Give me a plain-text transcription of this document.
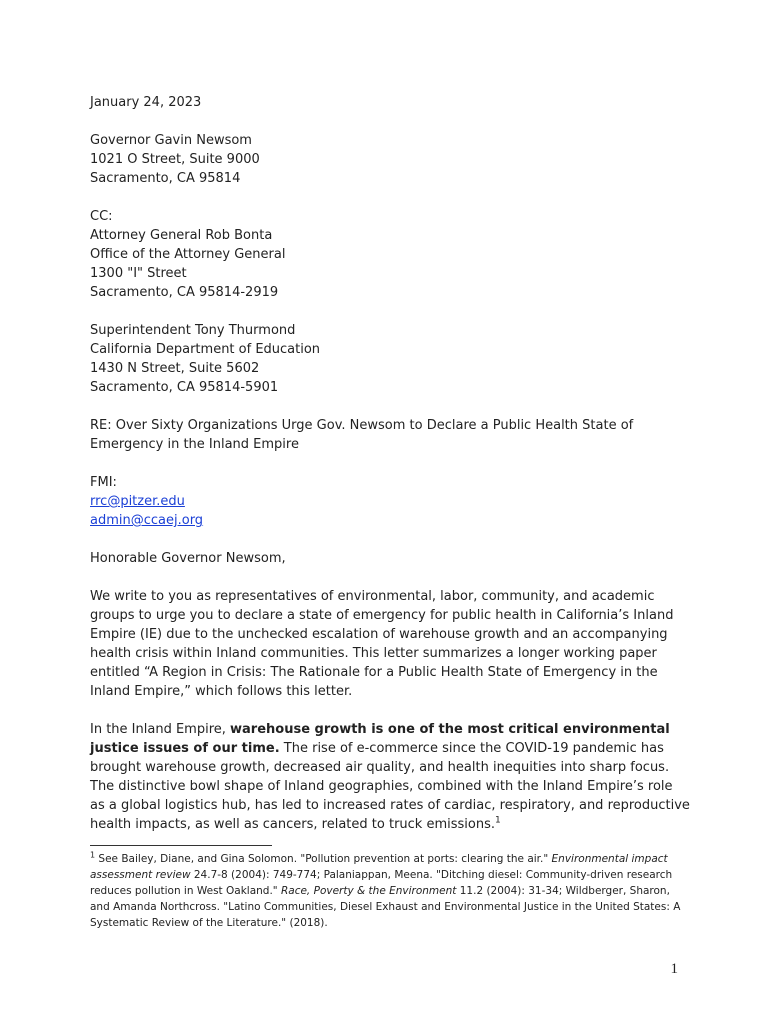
January 24, 2023

Governor Gavin Newsom
1021 O Street, Suite 9000
Sacramento, CA 95814
CC:
Attorney General Rob Bonta
Office of the Attorney General
1300 "I" Street
Sacramento, CA 95814-2919
Superintendent Tony Thurmond
California Department of Education
1430 N Street, Suite 5602
Sacramento, CA 95814-5901

RE: Over Sixty Organizations Urge Gov. Newsom to Declare a Public Health State of Emergency in the Inland Empire

FMI:
rrc@pitzer.edu
admin@ccaej.org

Honorable Governor Newsom,

We write to you as representatives of environmental, labor, community, and academic groups to urge you to declare a state of emergency for public health in California’s Inland Empire (IE) due to the unchecked escalation of warehouse growth and an accompanying health crisis within Inland communities. This letter summarizes a longer working paper entitled “A Region in Crisis: The Rationale for a Public Health State of Emergency in the Inland Empire,” which follows this letter.

In the Inland Empire, warehouse growth is one of the most critical environmental justice issues of our time. The rise of e-commerce since the COVID-19 pandemic has brought warehouse growth, decreased air quality, and health inequities into sharp focus. The distinctive bowl shape of Inland geographies, combined with the Inland Empire’s role as a global logistics hub, has led to increased rates of cardiac, respiratory, and reproductive health impacts, as well as cancers, related to truck emissions.$^1$

$^1$ See Bailey, Diane, and Gina Solomon. "Pollution prevention at ports: clearing the air." Environmental impact assessment review 24.7-8 (2004): 749-774; Palaniappan, Meena. "Ditching diesel: Community-driven research reduces pollution in West Oakland." Race, Poverty & the Environment 11.2 (2004): 31-34; Wildberger, Sharon, and Amanda Northcross. "Latino Communities, Diesel Exhaust and Environmental Justice in the United States: A Systematic Review of the Literature." (2018).
1
